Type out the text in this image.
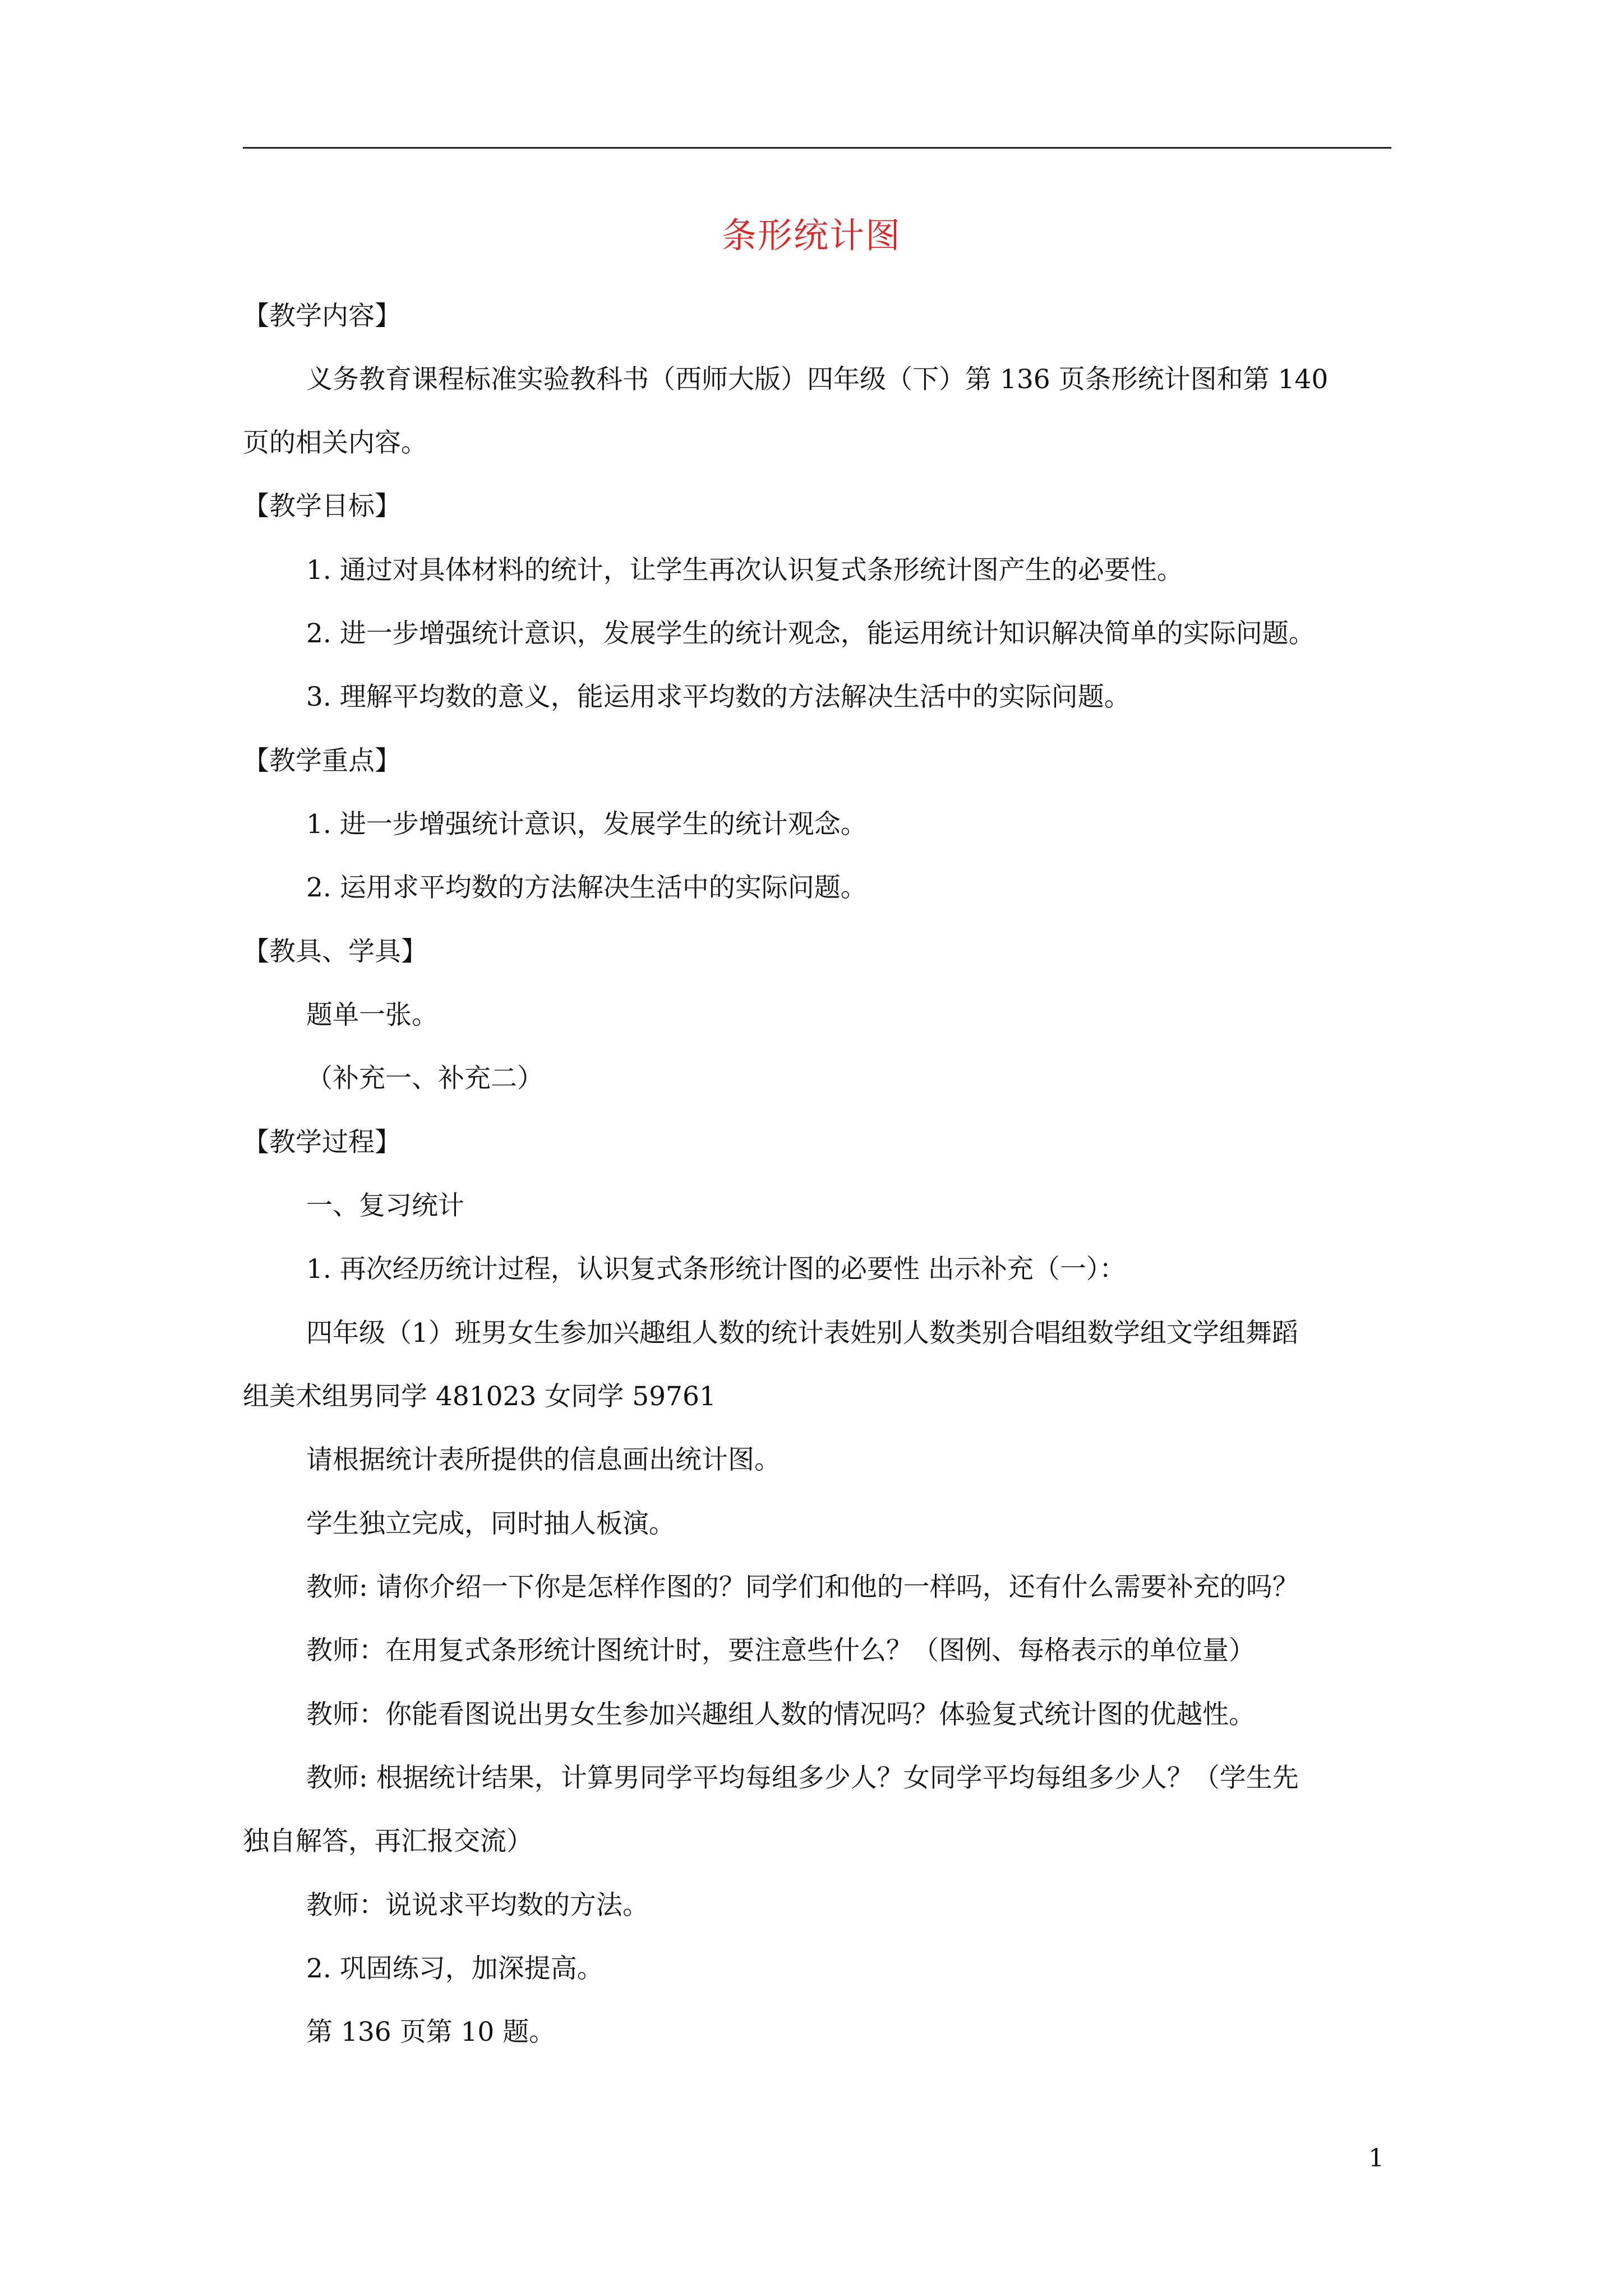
条形统计图
【教学内容】
义务教育课程标准实验教科书（西师大版）四年级（下）第 136 页条形统计图和第 140
页的相关内容。
【教学目标】
1. 通过对具体材料的统计，让学生再次认识复式条形统计图产生的必要性。
2. 进一步增强统计意识，发展学生的统计观念，能运用统计知识解决简单的实际问题。
3. 理解平均数的意义，能运用求平均数的方法解决生活中的实际问题。
【教学重点】
1. 进一步增强统计意识，发展学生的统计观念。
2. 运用求平均数的方法解决生活中的实际问题。
【教具、学具】
题单一张。
（补充一、补充二）
【教学过程】
一、复习统计
1. 再次经历统计过程，认识复式条形统计图的必要性 出示补充（一）：
四年级（1）班男女生参加兴趣组人数的统计表姓别人数类别合唱组数学组文学组舞蹈
组美术组男同学 481023 女同学 59761
请根据统计表所提供的信息画出统计图。
学生独立完成，同时抽人板演。
教师: 请你介绍一下你是怎样作图的？同学们和他的一样吗，还有什么需要补充的吗？
教师：在用复式条形统计图统计时，要注意些什么？（图例、每格表示的单位量）
教师：你能看图说出男女生参加兴趣组人数的情况吗？体验复式统计图的优越性。
教师: 根据统计结果，计算男同学平均每组多少人？女同学平均每组多少人？（学生先
独自解答，再汇报交流）
教师：说说求平均数的方法。
2. 巩固练习，加深提高。
第 136 页第 10 题。
1
